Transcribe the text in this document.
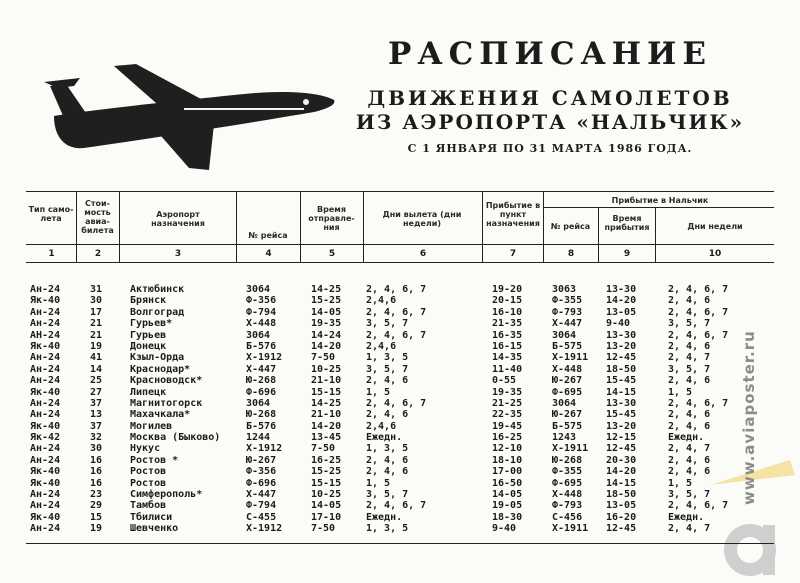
РАСПИСАНИЕ
ДВИЖЕНИЯ САМОЛЕТОВ
ИЗ АЭРОПОРТА «НАЛЬЧИК»
С 1 ЯНВАРЯ ПО 31 МАРТА 1986 ГОДА.
Тип само-лета
Стои-мость авиа-билета
Аэропорт назначения
№ рейса
Время отправле-ния
Дни вылета (дни недели)
Прибытие в пункт назначения
Прибытие в Нальчик
№ рейса
Время прибытия	Дни недели
1	2	3	4	5	6	7	8	9	10
Ан-24	31	Актюбинск	3064	14-25 2, 4, 6, 7	19-20	3063	13-30	2, 4, 6, 7
Як-40	30	Брянск	Ф-356	15-25 2,4,6	20-15	Ф-355 14-20	2, 4, 6
Ан-24	17	Волгоград	Ф-794	14-05 2, 4, 6, 7	16-10	Ф-793 13-05	2, 4, 6, 7
Ан-24	21	Гурьев*	Х-448	19-35 3, 5, 7	21-35	Х-447 9-40	3, 5, 7
АН-24	21	Гурьев	3064	14-24 2, 4, 6, 7	16-35	3064	13-30	2, 4, 6, 7
Як-40	19	Донецк	Б-576	14-20 2,4,6	16-15	Б-575 13-20	2, 4, 6
Ан-24	41	Кзыл-Орда	Х-1912	7-50	1, 3, 5	14-35	Х-1911 12-45	2, 4, 7
Ан-24	14	Краснодар*	Х-447	10-25 3, 5, 7	11-40	Х-448 18-50	3, 5, 7
Ан-24	25	Красноводск*	Ю-268	21-10 2, 4, 6	0-55	Ю-267 15-45	2, 4, 6
Як-40	27	Липецк	Ф-696	15-15 1, 5	19-35	Ф-695 14-15	1, 5
Ан-24	37	Магнитогорск	3064	14-25 2, 4, 6, 7	21-25	3064	13-30	2, 4, 6, 7
Ан-24	13	Махачкала*	Ю-268	21-10 2, 4, 6	22-35	Ю-267 15-45	2, 4, 6
Як-40	37	Могилев	Б-576	14-20 2,4,6	19-45	Б-575 13-20	2, 4, 6
Як-42	32	Москва (Быково)	1244	13-45 Ежедн.	16-25	1243	12-15	Ежедн.
Ан-24	30	Нукус	Х-1912	7-50	1, 3, 5	12-10	Х-1911 12-45	2, 4, 7
Ан-24	16	Ростов *	Ю-267	16-25 2, 4, 6	18-10	Ю-268 20-30	2, 4, 6
Як-40	16	Ростов	Ф-356	15-25 2, 4, 6	17-00	Ф-355 14-20	2, 4, 6
Як-40	16	Ростов	Ф-696	15-15 1, 5	16-50	Ф-695 14-15	1, 5
Ан-24	23	Симферополь*	Х-447	10-25 3, 5, 7	14-05	Х-448 18-50	3, 5, 7
Ан-24	29	Тамбов	Ф-794	14-05 2, 4, 6, 7	19-05	Ф-793 13-05	2, 4, 6, 7
Як-40	15	Тбилиси	С-455	17-10 Ежедн.	18-30	С-456 16-20	Ежедн.
Ан-24	19	Шевченко	Х-1912	7-50	1, 3, 5	9-40	Х-1911 12-45	2, 4, 7
www.aviaposter.ru
